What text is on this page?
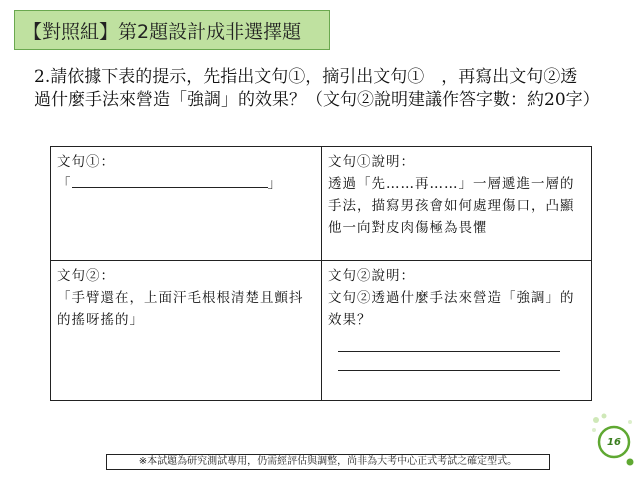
【對照組】第2題設計成非選擇題
2.請依據下表的提示，先指出文句①，摘引出文句①　，再寫出文句②透過什麼手法來營造「強調」的效果？（文句②說明建議作答字數：約20字）
文句①：
「 」	文句①說明：
透過「先……再……」一層遞進一層的手法，描寫男孩會如何處理傷口，凸顯他一向對皮肉傷極為畏懼

文句②：
「手臂還在，上面汗毛根根清楚且顫抖的搖呀搖的」	文句②說明：
文句②透過什麼手法來營造「強調」的效果？
※本試題為研究測試專用，仍需經評估與調整，尚非為大考中心正式考試之確定型式。
16
